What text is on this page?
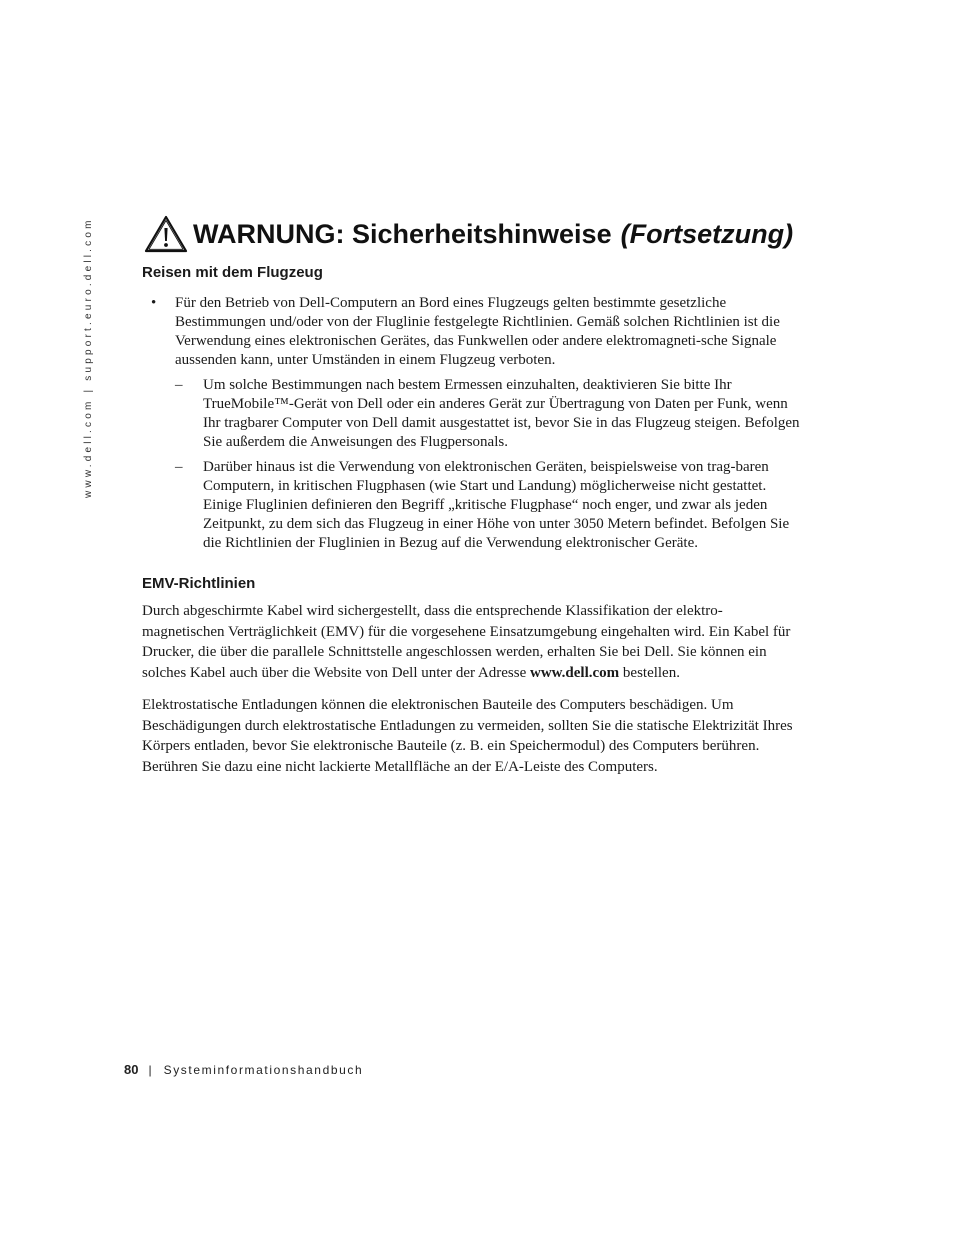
www.dell.com | support.euro.dell.com	WARNUNG: Sicherheitshinweise (Fortsetzung)
Reisen mit dem Flugzeug
• Für den Betrieb von Dell-Computern an Bord eines Flugzeugs gelten bestimmte gesetzliche Bestimmungen und/oder von der Fluglinie festgelegte Richtlinien. Gemäß solchen Richtlinien ist die Verwendung eines elektronischen Gerätes, das Funkwellen oder andere elektromagneti-sche Signale aussenden kann, unter Umständen in einem Flugzeug verboten.

– Um solche Bestimmungen nach bestem Ermessen einzuhalten, deaktivieren Sie bitte Ihr TrueMobile™-Gerät von Dell oder ein anderes Gerät zur Übertragung von Daten per Funk, wenn Ihr tragbarer Computer von Dell damit ausgestattet ist, bevor Sie in das Flugzeug steigen. Befolgen Sie außerdem die Anweisungen des Flugpersonals.

– Darüber hinaus ist die Verwendung von elektronischen Geräten, beispielsweise von trag-baren Computern, in kritischen Flugphasen (wie Start und Landung) möglicherweise nicht gestattet. Einige Fluglinien definieren den Begriff „kritische Flugphase“ noch enger, und zwar als jeden Zeitpunkt, zu dem sich das Flugzeug in einer Höhe von unter 3050 Metern befindet. Befolgen Sie die Richtlinien der Fluglinien in Bezug auf die Verwendung elektronischer Geräte.

EMV-Richtlinien

Durch abgeschirmte Kabel wird sichergestellt, dass die entsprechende Klassifikation der elektro-magnetischen Verträglichkeit (EMV) für die vorgesehene Einsatzumgebung eingehalten wird. Ein Kabel für Drucker, die über die parallele Schnittstelle angeschlossen werden, erhalten Sie bei Dell. Sie können ein solches Kabel auch über die Website von Dell unter der Adresse www.dell.com bestellen.

Elektrostatische Entladungen können die elektronischen Bauteile des Computers beschädigen. Um Beschädigungen durch elektrostatische Entladungen zu vermeiden, sollten Sie die statische Elektrizität Ihres Körpers entladen, bevor Sie elektronische Bauteile (z. B. ein Speichermodul) des Computers berühren. Berühren Sie dazu eine nicht lackierte Metallfläche an der E/A-Leiste des Computers.

80 | Systeminformationshandbuch
